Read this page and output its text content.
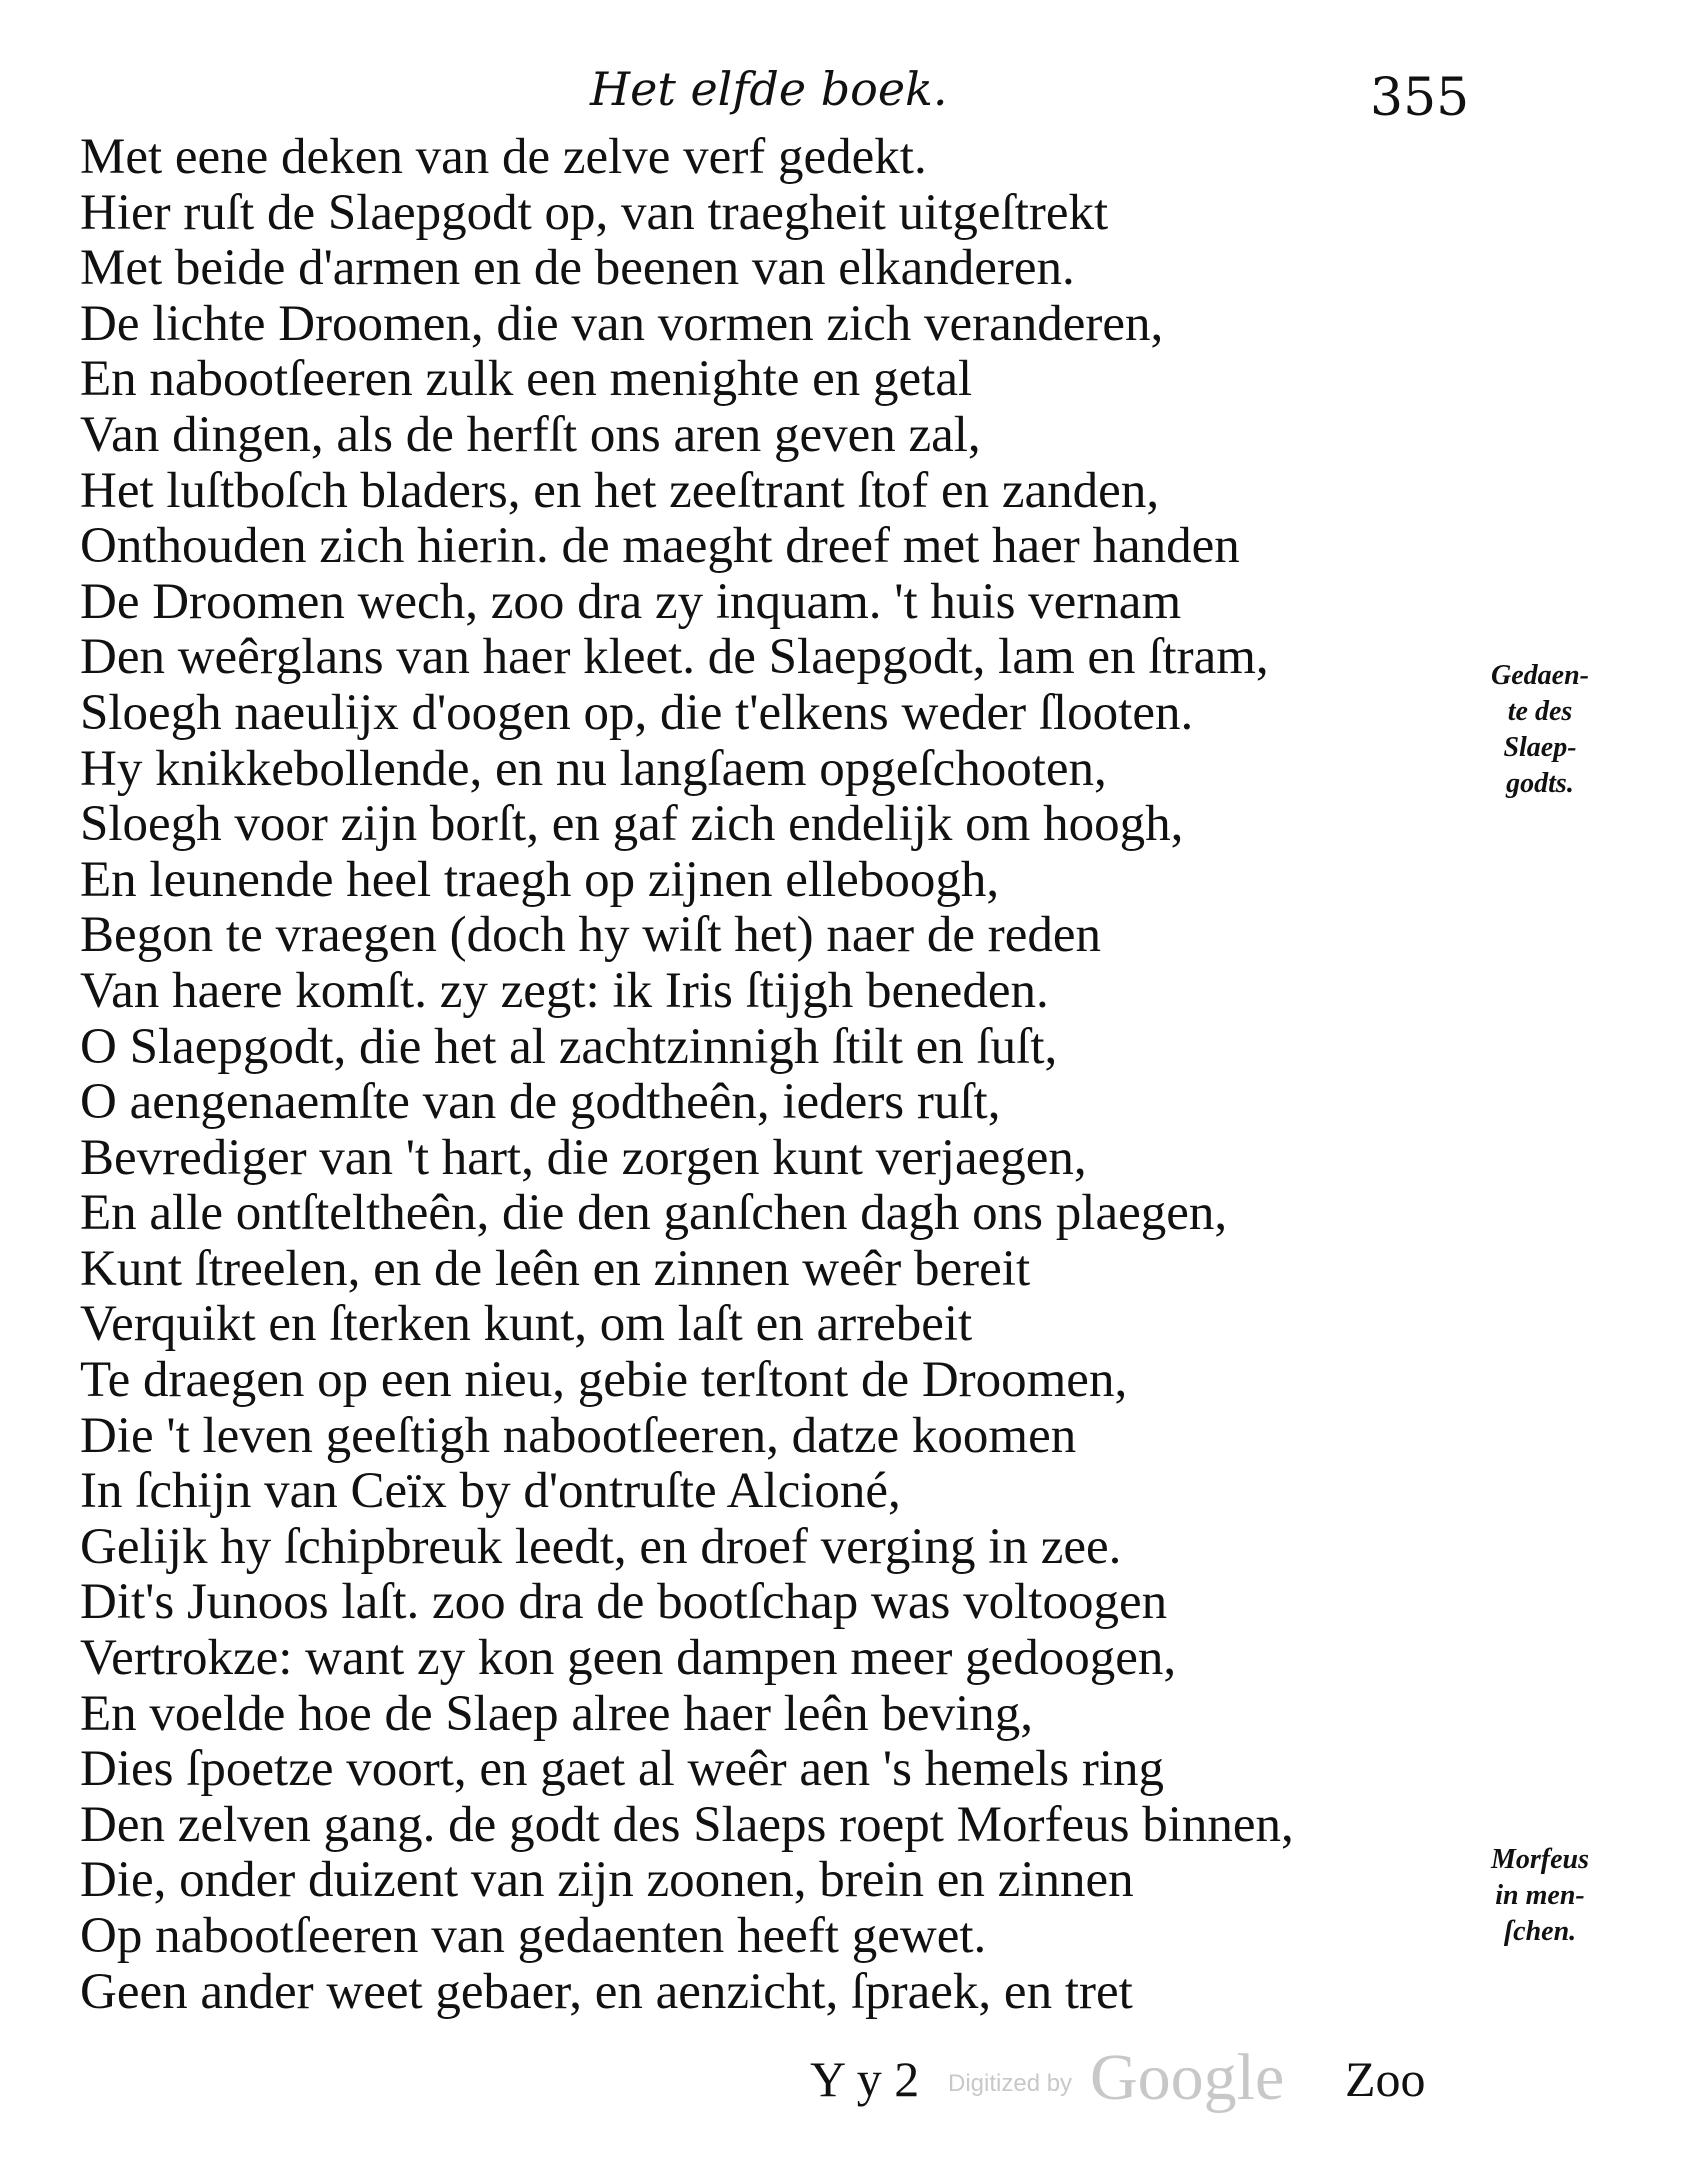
Het elfde boek.	355
Met eene deken van de zelve verf gedekt.
Hier ruſt de Slaepgodt op, van traegheit uitgeſtrekt
Met beide d'armen en de beenen van elkanderen.
De lichte Droomen, die van vormen zich veranderen,
En nabootſeeren zulk een menighte en getal
Van dingen, als de herfſt ons aren geven zal,
Het luſtboſch bladers, en het zeeſtrant ſtof en zanden,
Onthouden zich hierin. de maeght dreef met haer handen
De Droomen wech, zoo dra zy inquam. 't huis vernam
Den weêrglans van haer kleet. de Slaepgodt, lam en ſtram,
Sloegh naeulijx d'oogen op, die t'elkens weder ſlooten.
Hy knikkebollende, en nu langſaem opgeſchooten,
Sloegh voor zijn borſt, en gaf zich endelijk om hoogh,
En leunende heel traegh op zijnen elleboogh,
Begon te vraegen (doch hy wiſt het) naer de reden
Van haere komſt. zy zegt: ik Iris ſtijgh beneden.
O Slaepgodt, die het al zachtzinnigh ſtilt en ſuſt,
O aengenaemſte van de godtheên, ieders ruſt,
Bevrediger van 't hart, die zorgen kunt verjaegen,
En alle ontſteltheên, die den ganſchen dagh ons plaegen,
Kunt ſtreelen, en de leên en zinnen weêr bereit
Verquikt en ſterken kunt, om laſt en arrebeit
Te draegen op een nieu, gebie terſtont de Droomen,
Die 't leven geeſtigh nabootſeeren, datze koomen
In ſchijn van Ceïx by d'ontruſte Alcioné,
Gelijk hy ſchipbreuk leedt, en droef verging in zee.
Dit's Junoos laſt. zoo dra de bootſchap was voltoogen
Vertrokze: want zy kon geen dampen meer gedoogen,
En voelde hoe de Slaep alree haer leên beving,
Dies ſpoetze voort, en gaet al weêr aen 's hemels ring
Den zelven gang. de godt des Slaeps roept Morfeus binnen,
Die, onder duizent van zijn zoonen, brein en zinnen
Op nabootſeeren van gedaenten heeft gewet.
Geen ander weet gebaer, en aenzicht, ſpraek, en tret
Gedaen-
te des
Slaep-
godts.
Morfeus
in men-
ſchen.
Y y 2 Digitized by Google Zoo
